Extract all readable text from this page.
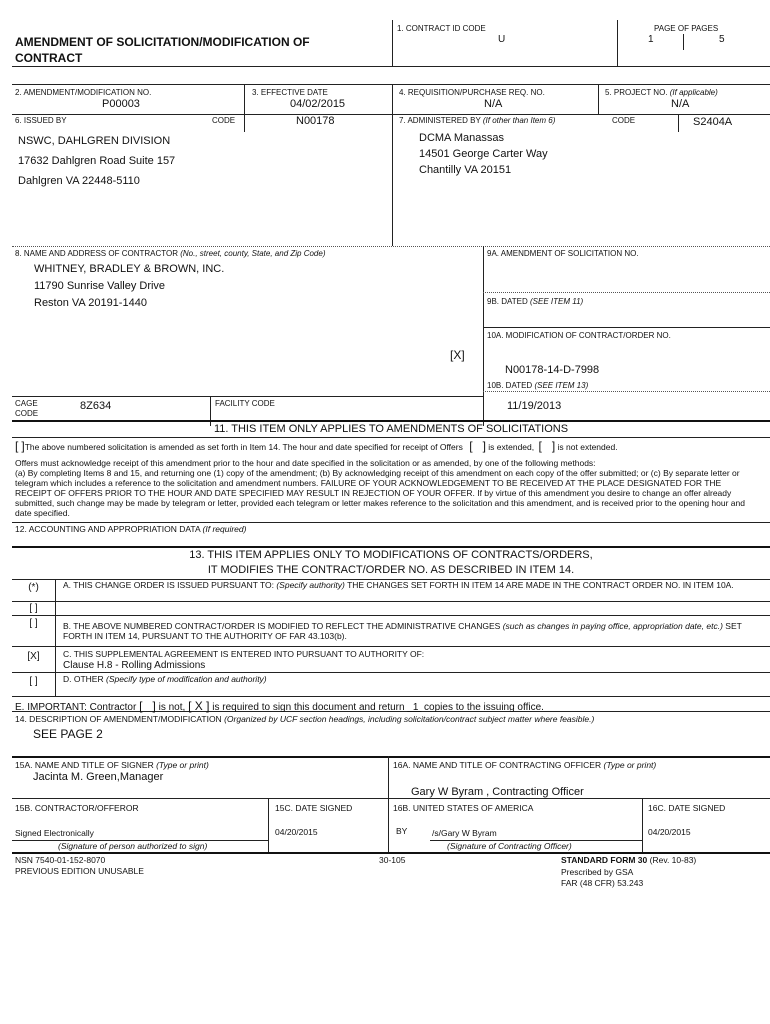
AMENDMENT OF SOLICITATION/MODIFICATION OF
CONTRACT
1. CONTRACT ID CODE
U
PAGE OF PAGES
1	5
2. AMENDMENT/MODIFICATION NO.
P00003
3. EFFECTIVE DATE
04/02/2015
4. REQUISITION/PURCHASE REQ. NO.
N/A
5. PROJECT NO. (If applicable)
N/A
6. ISSUED BY	CODE	N00178	7. ADMINISTERED BY (If other than Item 6)	CODE	S2404A
NSWC, DAHLGREN DIVISION
17632 Dahlgren Road Suite 157
Dahlgren VA 22448-5110
DCMA Manassas
14501 George Carter Way
Chantilly VA 20151
8. NAME AND ADDRESS OF CONTRACTOR (No., street, county, State, and Zip Code)
WHITNEY, BRADLEY & BROWN, INC.
11790 Sunrise Valley Drive
Reston VA 20191-1440
9A. AMENDMENT OF SOLICITATION NO.
9B. DATED (SEE ITEM 11)
10A. MODIFICATION OF CONTRACT/ORDER NO.
[X]
N00178-14-D-7998
10B. DATED (SEE ITEM 13)
11/19/2013
CAGE
CODE
8Z634	FACILITY CODE
11. THIS ITEM ONLY APPLIES TO AMENDMENTS OF SOLICITATIONS
[ ]The above numbered solicitation is amended as set forth in Item 14. The hour and date specified for receipt of Offers [   ] is extended, [   ] is not extended.
Offers must acknowledge receipt of this amendment prior to the hour and date specified in the solicitation or as amended, by one of the following methods:
(a) By completing Items 8 and 15, and returning one (1) copy of the amendment; (b) By acknowledging receipt of this amendment on each copy of the offer submitted; or (c) By separate letter or telegram which includes a reference to the solicitation and amendment numbers. FAILURE OF YOUR ACKNOWLEDGEMENT TO BE RECEIVED AT THE PLACE DESIGNATED FOR THE RECEIPT OF OFFERS PRIOR TO THE HOUR AND DATE SPECIFIED MAY RESULT IN REJECTION OF YOUR OFFER. If by virtue of this amendment you desire to change an offer already submitted, such change may be made by telegram or letter, provided each telegram or letter makes reference to the solicitation and this amendment, and is received prior to the opening hour and date specified.
12. ACCOUNTING AND APPROPRIATION DATA (If required)
13. THIS ITEM APPLIES ONLY TO MODIFICATIONS OF CONTRACTS/ORDERS,
IT MODIFIES THE CONTRACT/ORDER NO. AS DESCRIBED IN ITEM 14.
(*)	A. THIS CHANGE ORDER IS ISSUED PURSUANT TO: (Specify authority) THE CHANGES SET FORTH IN ITEM 14 ARE MADE IN THE CONTRACT ORDER NO. IN ITEM 10A.
[ ]
[ ]	B. THE ABOVE NUMBERED CONTRACT/ORDER IS MODIFIED TO REFLECT THE ADMINISTRATIVE CHANGES (such as changes in paying office, appropriation date, etc.) SET FORTH IN ITEM 14, PURSUANT TO THE AUTHORITY OF FAR 43.103(b).
[X]	C. THIS SUPPLEMENTAL AGREEMENT IS ENTERED INTO PURSUANT TO AUTHORITY OF:
Clause H.8 - Rolling Admissions
[ ]	D. OTHER (Specify type of modification and authority)
E. IMPORTANT: Contractor [ ] is not, [ X ] is required to sign this document and return 1 copies to the issuing office.
14. DESCRIPTION OF AMENDMENT/MODIFICATION (Organized by UCF section headings, including solicitation/contract subject matter where feasible.)
SEE PAGE 2
15A. NAME AND TITLE OF SIGNER (Type or print)
Jacinta M. Green,Manager
16A. NAME AND TITLE OF CONTRACTING OFFICER (Type or print)
Gary W Byram , Contracting Officer
15B. CONTRACTOR/OFFEROR	15C. DATE SIGNED	16B. UNITED STATES OF AMERICA	16C. DATE SIGNED
Signed Electronically	04/20/2015	BY	/s/Gary W Byram	04/20/2015
(Signature of person authorized to sign)	(Signature of Contracting Officer)
NSN 7540-01-152-8070
PREVIOUS EDITION UNUSABLE
30-105	STANDARD FORM 30 (Rev. 10-83)
Prescribed by GSA
FAR (48 CFR) 53.243
